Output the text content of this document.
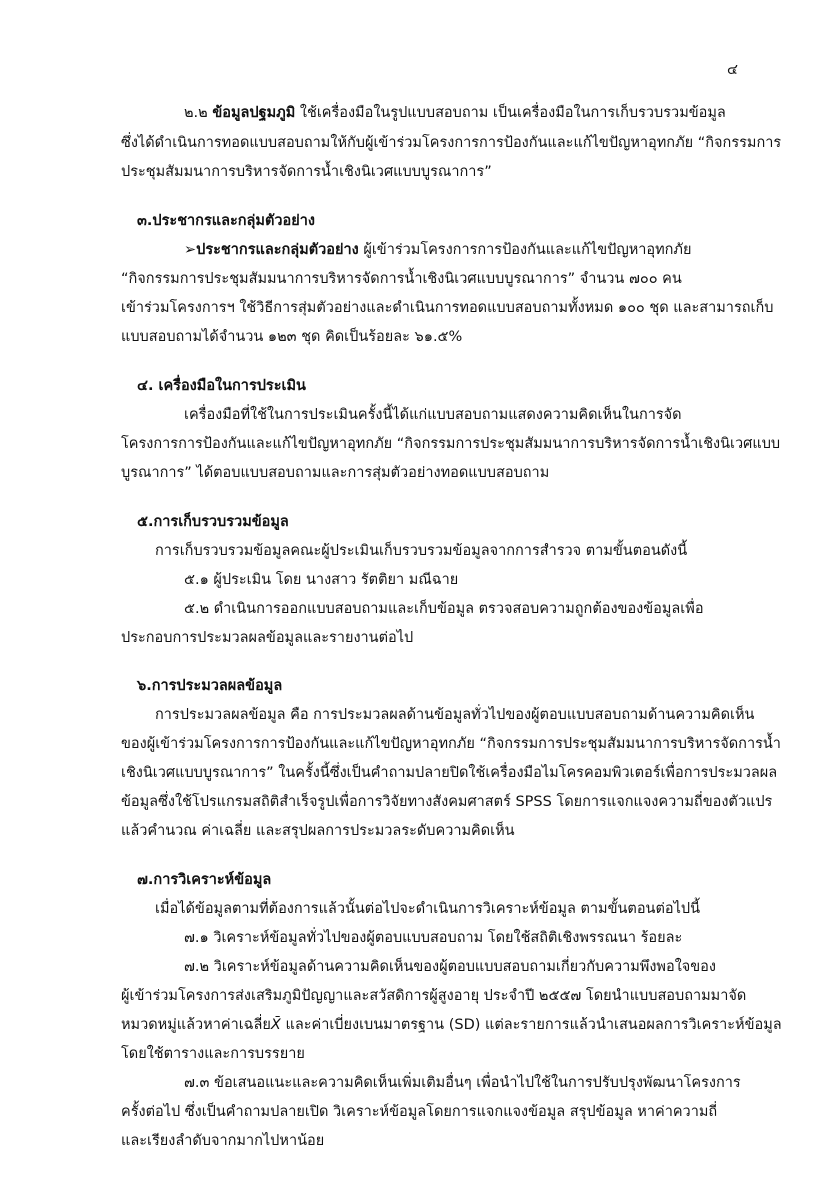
๔
๒.๒ ข้อมูลปฐมภูมิ ใช้เครื่องมือในรูปแบบสอบถาม เป็นเครื่องมือในการเก็บรวบรวมข้อมูล
ซึ่งได้ดำเนินการทอดแบบสอบถามให้กับผู้เข้าร่วมโครงการการป้องกันและแก้ไขปัญหาอุทกภัย “กิจกรรมการ
ประชุมสัมมนาการบริหารจัดการน้ำเชิงนิเวศแบบบูรณาการ”
๓.ประชากรและกลุ่มตัวอย่าง
➢ประชากรและกลุ่มตัวอย่าง ผู้เข้าร่วมโครงการการป้องกันและแก้ไขปัญหาอุทกภัย
“กิจกรรมการประชุมสัมมนาการบริหารจัดการน้ำเชิงนิเวศแบบบูรณาการ” จำนวน ๗๐๐ คน
เข้าร่วมโครงการฯ ใช้วิธีการสุ่มตัวอย่างและดำเนินการทอดแบบสอบถามทั้งหมด ๑๐๐ ชุด และสามารถเก็บ
แบบสอบถามได้จำนวน ๑๒๓ ชุด คิดเป็นร้อยละ ๖๑.๕%
๔. เครื่องมือในการประเมิน
เครื่องมือที่ใช้ในการประเมินครั้งนี้ได้แก่แบบสอบถามแสดงความคิดเห็นในการจัด
โครงการการป้องกันและแก้ไขปัญหาอุทกภัย “กิจกรรมการประชุมสัมมนาการบริหารจัดการน้ำเชิงนิเวศแบบ
บูรณาการ” ได้ตอบแบบสอบถามและการสุ่มตัวอย่างทอดแบบสอบถาม
๕.การเก็บรวบรวมข้อมูล
การเก็บรวบรวมข้อมูลคณะผู้ประเมินเก็บรวบรวมข้อมูลจากการสำรวจ ตามขั้นตอนดังนี้
๕.๑ ผู้ประเมิน โดย นางสาว รัตติยา มณีฉาย
๕.๒ ดำเนินการออกแบบสอบถามและเก็บข้อมูล ตรวจสอบความถูกต้องของข้อมูลเพื่อ
ประกอบการประมวลผลข้อมูลและรายงานต่อไป
๖.การประมวลผลข้อมูล
การประมวลผลข้อมูล คือ การประมวลผลด้านข้อมูลทั่วไปของผู้ตอบแบบสอบถามด้านความคิดเห็น
ของผู้เข้าร่วมโครงการการป้องกันและแก้ไขปัญหาอุทกภัย “กิจกรรมการประชุมสัมมนาการบริหารจัดการน้ำ
เชิงนิเวศแบบบูรณาการ” ในครั้งนี้ซึ่งเป็นคำถามปลายปิดใช้เครื่องมือไมโครคอมพิวเตอร์เพื่อการประมวลผล
ข้อมูลซึ่งใช้โปรแกรมสถิติสำเร็จรูปเพื่อการวิจัยทางสังคมศาสตร์ SPSS โดยการแจกแจงความถี่ของตัวแปร
แล้วคำนวณ ค่าเฉลี่ย และสรุปผลการประมวลระดับความคิดเห็น
๗.การวิเคราะห์ข้อมูล
เมื่อได้ข้อมูลตามที่ต้องการแล้วนั้นต่อไปจะดำเนินการวิเคราะห์ข้อมูล ตามขั้นตอนต่อไปนี้
๗.๑ วิเคราะห์ข้อมูลทั่วไปของผู้ตอบแบบสอบถาม โดยใช้สถิติเชิงพรรณนา ร้อยละ
๗.๒ วิเคราะห์ข้อมูลด้านความคิดเห็นของผู้ตอบแบบสอบถามเกี่ยวกับความพึงพอใจของ
ผู้เข้าร่วมโครงการส่งเสริมภูมิปัญญาและสวัสดิการผู้สูงอายุ ประจำปี ๒๕๕๗ โดยนำแบบสอบถามมาจัด
หมวดหมู่แล้วหาค่าเฉลี่ยX̄ และค่าเบี่ยงเบนมาตรฐาน (SD) แต่ละรายการแล้วนำเสนอผลการวิเคราะห์ข้อมูล
โดยใช้ตารางและการบรรยาย
๗.๓ ข้อเสนอแนะและความคิดเห็นเพิ่มเติมอื่นๆ เพื่อนำไปใช้ในการปรับปรุงพัฒนาโครงการ
ครั้งต่อไป ซึ่งเป็นคำถามปลายเปิด วิเคราะห์ข้อมูลโดยการแจกแจงข้อมูล สรุปข้อมูล หาค่าความถี่
และเรียงลำดับจากมากไปหาน้อย
